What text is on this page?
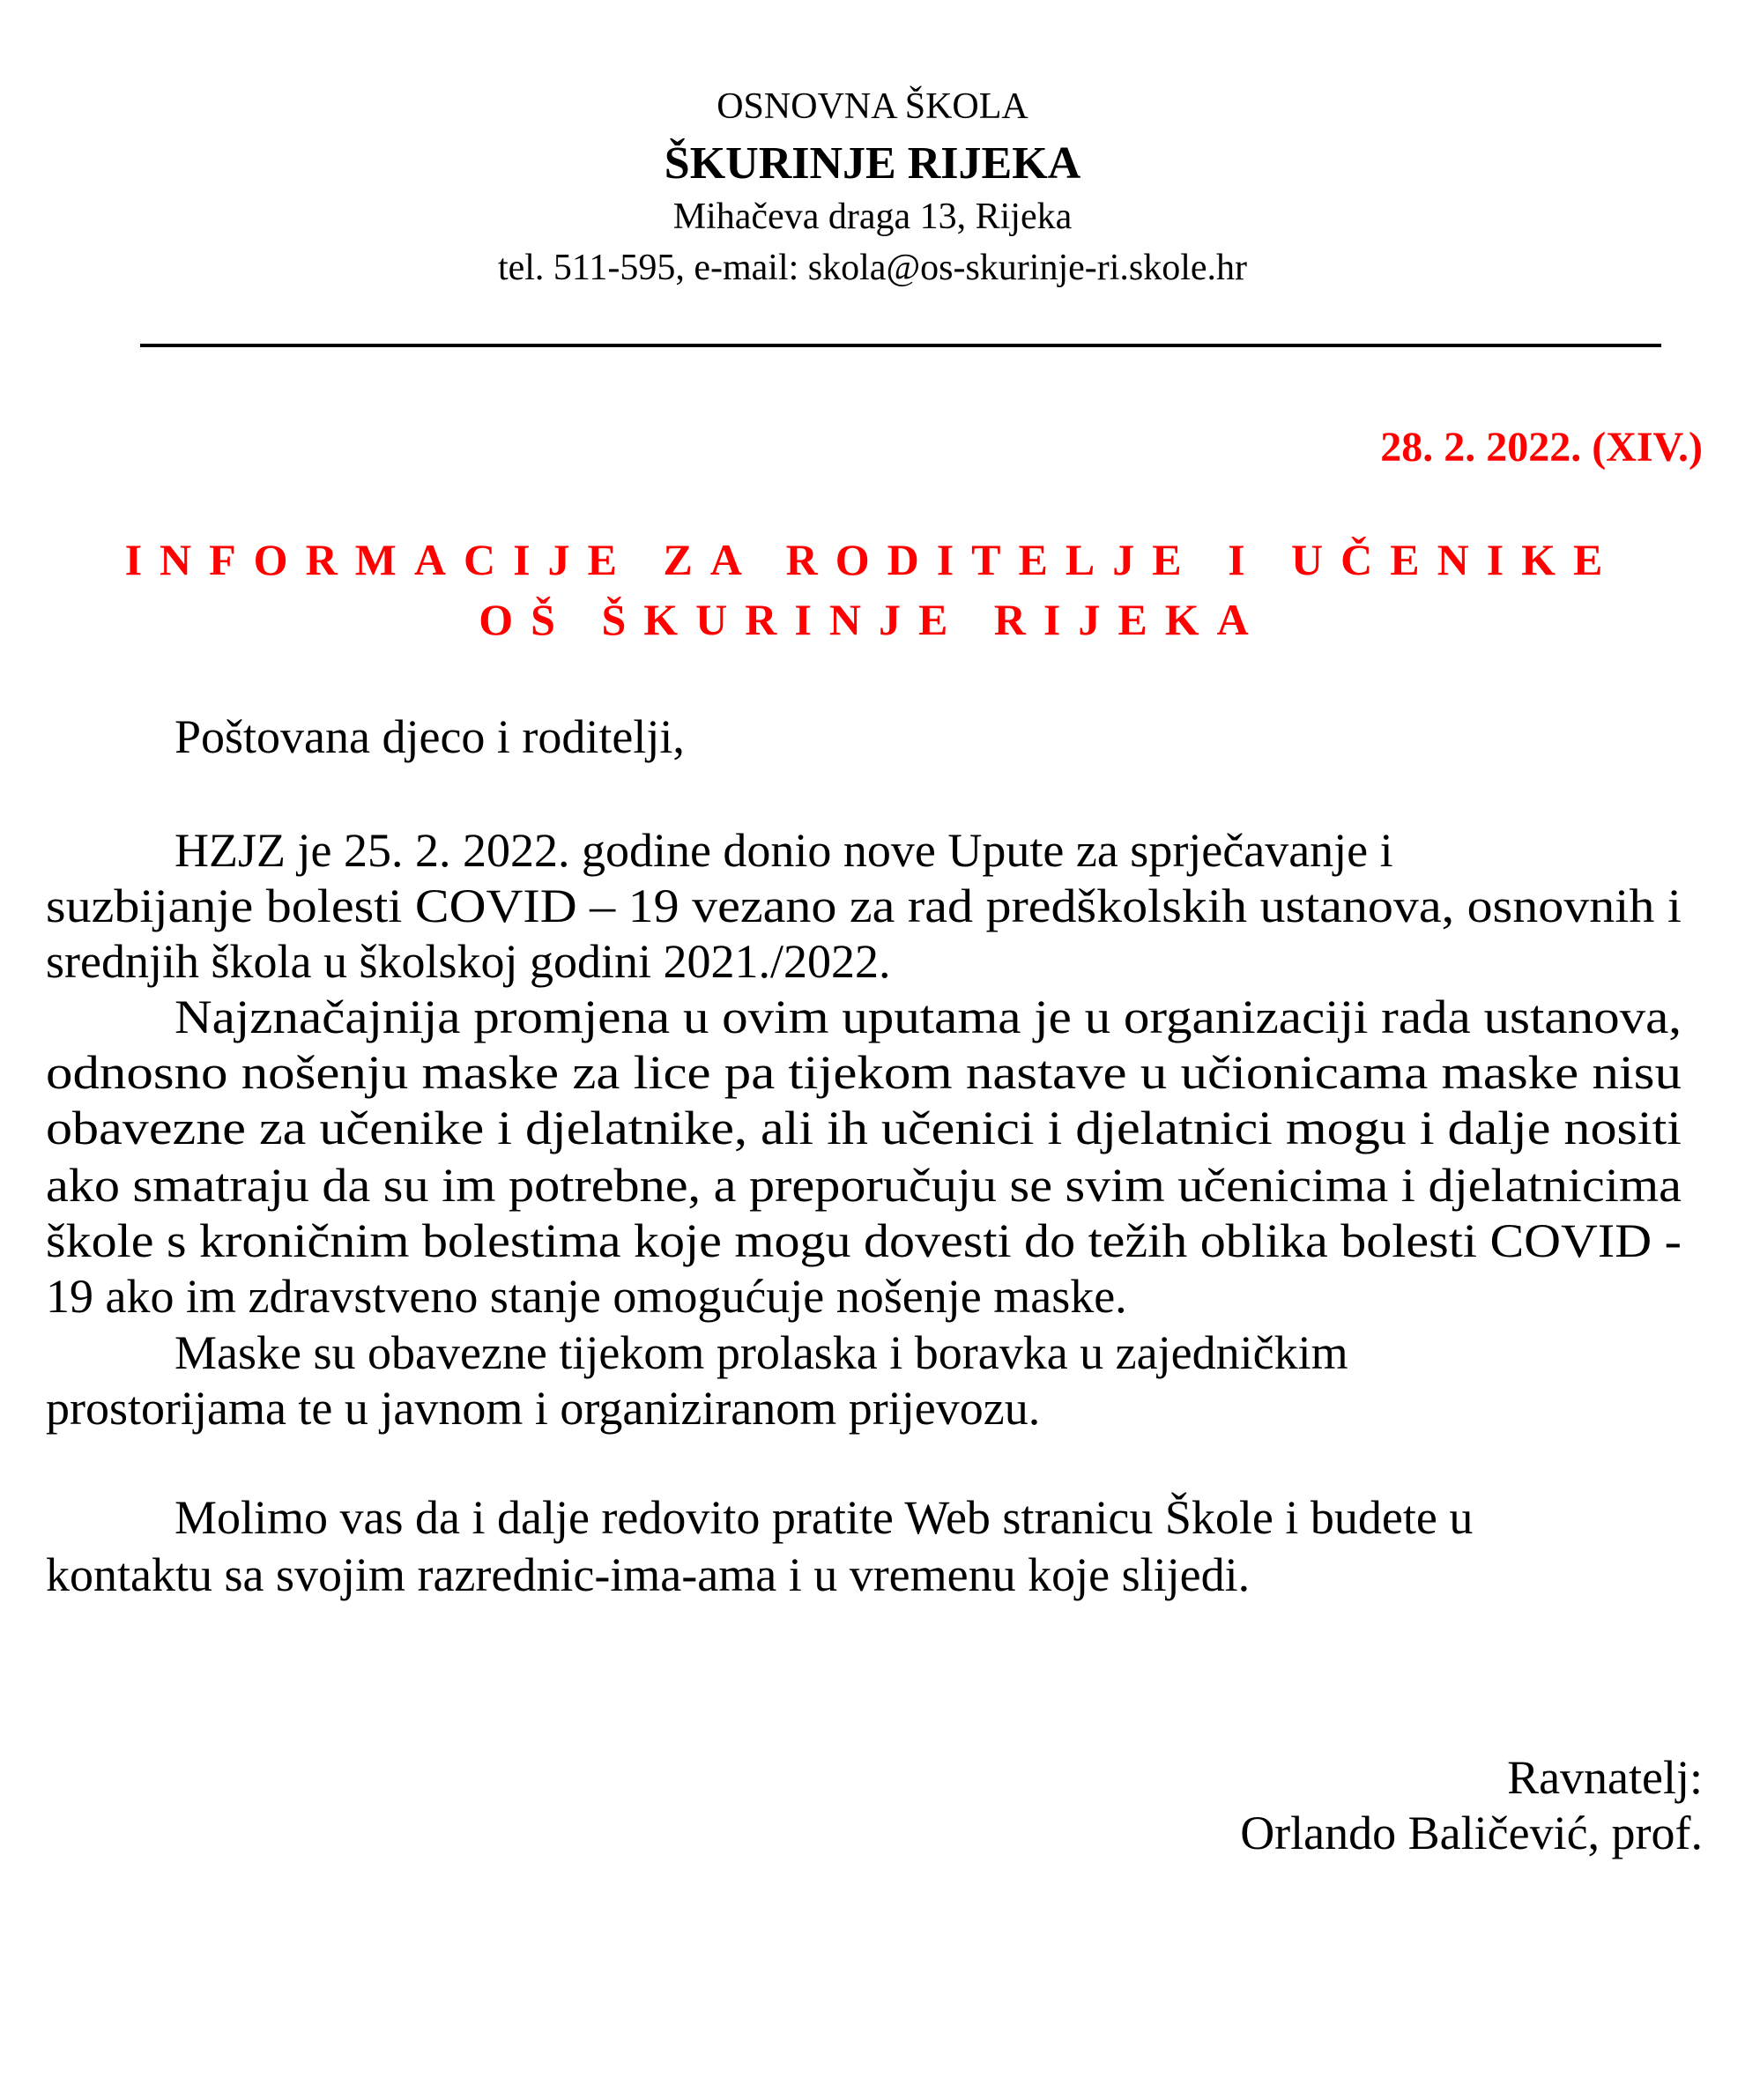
OSNOVNA ŠKOLA
ŠKURINJE RIJEKA
Mihačeva draga 13, Rijeka
tel. 511-595, e-mail: skola@os-skurinje-ri.skole.hr
28. 2. 2022. (XIV.)
INFORMACIJE ZA RODITELJE I UČENIKE
OŠ ŠKURINJE RIJEKA
Poštovana djeco i roditelji,
HZJZ je 25. 2. 2022. godine donio nove Upute za sprječavanje i
suzbijanje bolesti COVID – 19 vezano za rad predškolskih ustanova, osnovnih i
srednjih škola u školskoj godini 2021./2022.
Najznačajnija promjena u ovim uputama je u organizaciji rada ustanova,
odnosno nošenju maske za lice pa tijekom nastave u učionicama maske nisu
obavezne za učenike i djelatnike, ali ih učenici i djelatnici mogu i dalje nositi
ako smatraju da su im potrebne, a preporučuju se svim učenicima i djelatnicima
škole s kroničnim bolestima koje mogu dovesti do težih oblika bolesti COVID -
19 ako im zdravstveno stanje omogućuje nošenje maske.
Maske su obavezne tijekom prolaska i boravka u zajedničkim
prostorijama te u javnom i organiziranom prijevozu.
Molimo vas da i dalje redovito pratite Web stranicu Škole i budete u
kontaktu sa svojim razrednic-ima-ama i u vremenu koje slijedi.
Ravnatelj:
Orlando Baličević, prof.
